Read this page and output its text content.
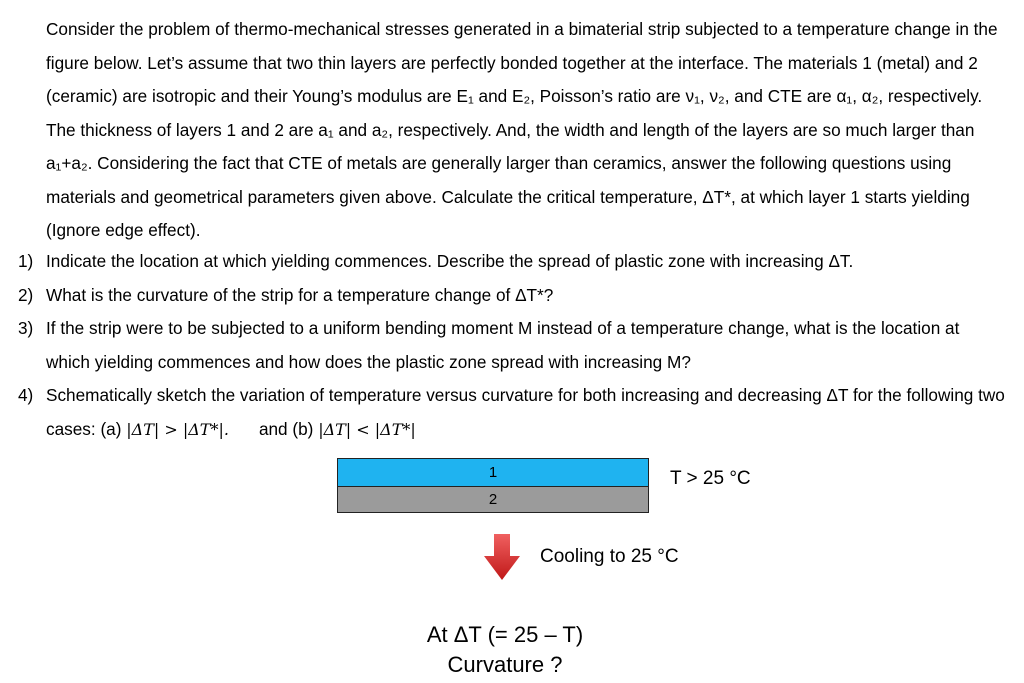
Consider the problem of thermo-mechanical stresses generated in a bimaterial strip subjected to a temperature change in the figure below. Let’s assume that two thin layers are perfectly bonded together at the interface. The materials 1 (metal) and 2 (ceramic) are isotropic and their Young’s modulus are E₁ and E₂, Poisson’s ratio are ν₁, ν₂, and CTE are α₁, α₂, respectively. The thickness of layers 1 and 2 are a₁ and a₂, respectively. And, the width and length of the layers are so much larger than a₁+a₂. Considering the fact that CTE of metals are generally larger than ceramics, answer the following questions using materials and geometrical parameters given above. Calculate the critical temperature, ΔT*, at which layer 1 starts yielding (Ignore edge effect).

1) Indicate the location at which yielding commences. Describe the spread of plastic zone with increasing ΔT.
2) What is the curvature of the strip for a temperature change of ΔT*?
3) If the strip were to be subjected to a uniform bending moment M instead of a temperature change, what is the location at which yielding commences and how does the plastic zone spread with increasing M?
4) Schematically sketch the variation of temperature versus curvature for both increasing and decreasing ΔT for the following two cases: (a) |ΔT| > |ΔT*|. and (b) |ΔT| < |ΔT*|
1
2
T > 25 °C
Cooling to 25 °C
At ΔT (= 25 – T)
Curvature ?
